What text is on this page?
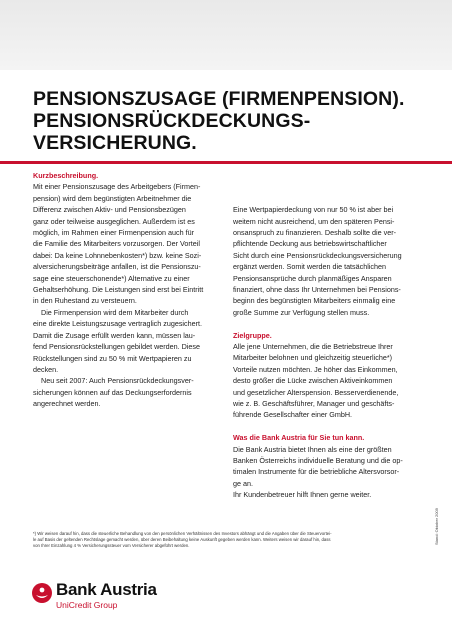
PENSIONSZUSAGE (FIRMENPENSION).
PENSIONSRÜCKDECKUNGS-
VERSICHERUNG.
Kurzbeschreibung.
Mit einer Pensionszusage des Arbeitgebers (Firmen-
pension) wird dem begünstigten Arbeitnehmer die
Differenz zwischen Aktiv- und Pensionsbezügen
ganz oder teilweise ausgeglichen. Außerdem ist es
möglich, im Rahmen einer Firmenpension auch für
die Familie des Mitarbeiters vorzusorgen. Der Vorteil
dabei: Da keine Lohnnebenkosten*) bzw. keine Sozi-
alversicherungsbeiträge anfallen, ist die Pensionszu-
sage eine steuerschonende*) Alternative zu einer
Gehaltserhöhung. Die Leistungen sind erst bei Eintritt
in den Ruhestand zu versteuern.
Die Firmenpension wird dem Mitarbeiter durch
eine direkte Leistungszusage vertraglich zugesichert.
Damit die Zusage erfüllt werden kann, müssen lau-
fend Pensionsrückstellungen gebildet werden. Diese
Rückstellungen sind zu 50 % mit Wertpapieren zu
decken.
Neu seit 2007: Auch Pensionsrückdeckungsver-
sicherungen können auf das Deckungserfordernis
angerechnet werden.
Eine Wertpapierdeckung von nur 50 % ist aber bei
weitem nicht ausreichend, um den späteren Pensi-
onsanspruch zu finanzieren. Deshalb sollte die ver-
pflichtende Deckung aus betriebswirtschaftlicher
Sicht durch eine Pensionsrückdeckungsversicherung
ergänzt werden. Somit werden die tatsächlichen
Pensionsansprüche durch planmäßiges Ansparen
finanziert, ohne dass Ihr Unternehmen bei Pensions-
beginn des begünstigten Mitarbeiters einmalig eine
große Summe zur Verfügung stellen muss.
Zielgruppe.
Alle jene Unternehmen, die die Betriebstreue Ihrer
Mitarbeiter belohnen und gleichzeitig steuerliche*)
Vorteile nutzen möchten. Je höher das Einkommen,
desto größer die Lücke zwischen Aktiveinkommen
und gesetzlicher Alterspension. Besserverdienende,
wie z. B. Geschäftsführer, Manager und geschäfts-
führende Gesellschafter einer GmbH.
Was die Bank Austria für Sie tun kann.
Die Bank Austria bietet Ihnen als eine der größten
Banken Österreichs individuelle Beratung und die op-
timalen Instrumente für die betriebliche Altersvorsor-
ge an.
Ihr Kundenbetreuer hilft Ihnen gerne weiter.
*) Wir weisen darauf hin, dass die steuerliche Behandlung von den persönlichen Verhältnissen des Investors abhängt und die Angaben über die Steuervortei-
le auf Basis der geltenden Rechtslage gemacht werden, über deren Beibehaltung keine Auskunft gegeben werden kann. Weiters weisen wir darauf hin, dass
von Ihrer Einzahlung 4 % Versicherungssteuer vom Versicherer abgeführt werden.
Stand: Oktober 2009
Bank Austria
UniCredit Group
